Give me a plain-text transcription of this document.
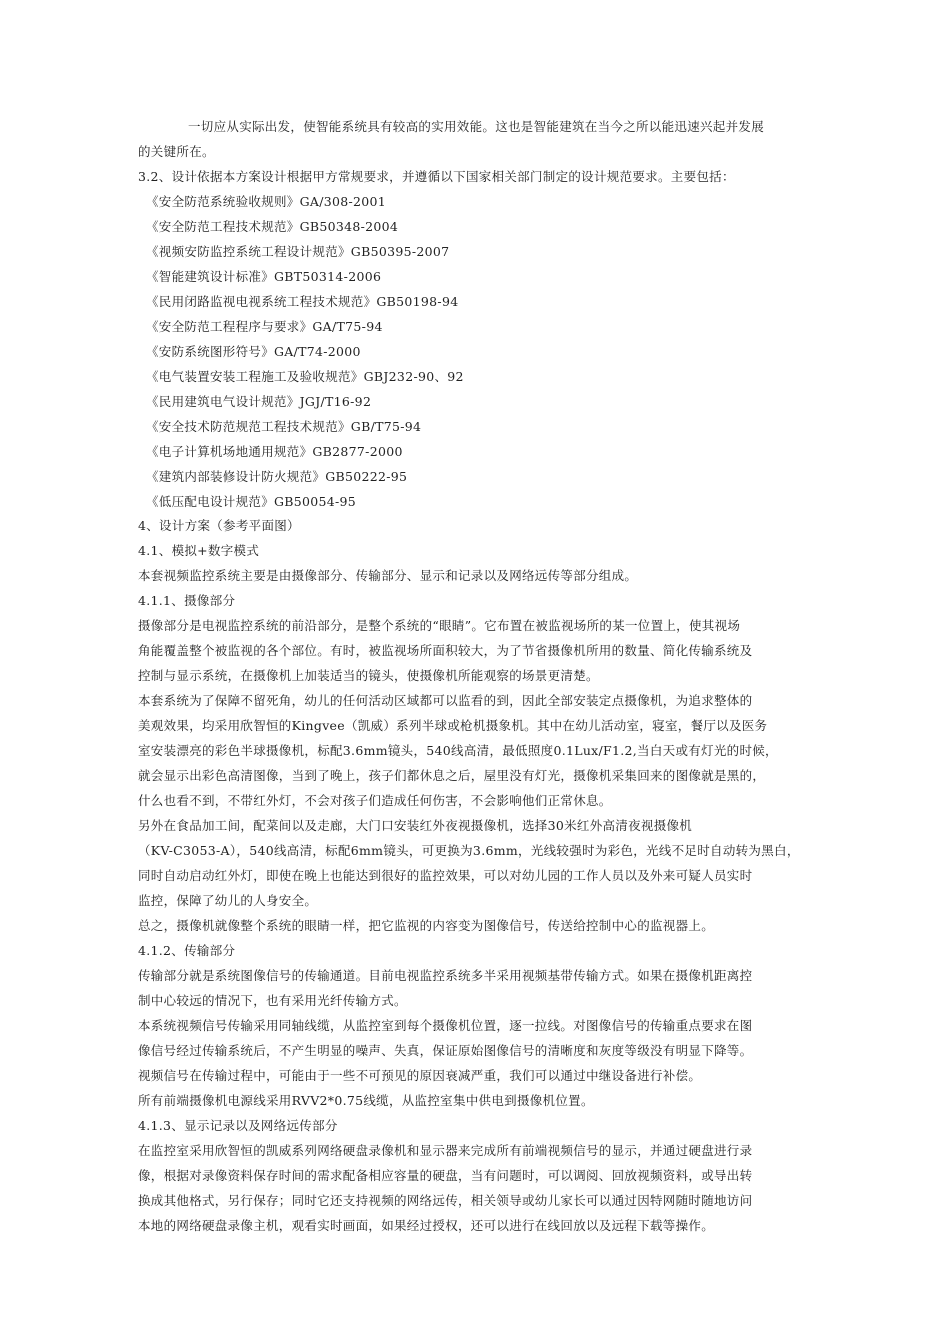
一切应从实际出发，使智能系统具有较高的实用效能。这也是智能建筑在当今之所以能迅速兴起并发展
的关键所在。
3.2、设计依据本方案设计根据甲方常规要求，并遵循以下国家相关部门制定的设计规范要求。主要包括：
《安全防范系统验收规则》GA/308-2001
《安全防范工程技术规范》GB50348-2004
《视频安防监控系统工程设计规范》GB50395-2007
《智能建筑设计标准》GBT50314-2006
《民用闭路监视电视系统工程技术规范》GB50198-94
《安全防范工程程序与要求》GA/T75-94
《安防系统图形符号》GA/T74-2000
《电气装置安装工程施工及验收规范》GBJ232-90、92
《民用建筑电气设计规范》JGJ/T16-92
《安全技术防范规范工程技术规范》GB/T75-94
《电子计算机场地通用规范》GB2877-2000
《建筑内部装修设计防火规范》GB50222-95
《低压配电设计规范》GB50054-95
4、设计方案（参考平面图）
4.1、模拟+数字模式
本套视频监控系统主要是由摄像部分、传输部分、显示和记录以及网络远传等部分组成。
4.1.1、摄像部分
摄像部分是电视监控系统的前沿部分，是整个系统的“眼睛”。它布置在被监视场所的某一位置上，使其视场
角能覆盖整个被监视的各个部位。有时，被监视场所面积较大，为了节省摄像机所用的数量、简化传输系统及
控制与显示系统，在摄像机上加装适当的镜头，使摄像机所能观察的场景更清楚。
本套系统为了保障不留死角，幼儿的任何活动区域都可以监看的到，因此全部安装定点摄像机，为追求整体的
美观效果，均采用欣智恒的Kingvee（凯威）系列半球或枪机摄象机。其中在幼儿活动室，寝室，餐厅以及医务
室安装漂亮的彩色半球摄像机，标配3.6mm镜头，540线高清，最低照度0.1Lux/F1.2,当白天或有灯光的时候，
就会显示出彩色高清图像，当到了晚上，孩子们都休息之后，屋里没有灯光，摄像机采集回来的图像就是黑的，
什么也看不到，不带红外灯，不会对孩子们造成任何伤害，不会影响他们正常休息。
另外在食品加工间，配菜间以及走廊，大门口安装红外夜视摄像机，选择30米红外高清夜视摄像机
（KV-C3053-A），540线高清，标配6mm镜头，可更换为3.6mm，光线较强时为彩色，光线不足时自动转为黑白，
同时自动启动红外灯，即使在晚上也能达到很好的监控效果，可以对幼儿园的工作人员以及外来可疑人员实时
监控，保障了幼儿的人身安全。
总之，摄像机就像整个系统的眼睛一样，把它监视的内容变为图像信号，传送给控制中心的监视器上。
4.1.2、传输部分
传输部分就是系统图像信号的传输通道。目前电视监控系统多半采用视频基带传输方式。如果在摄像机距离控
制中心较远的情况下，也有采用光纤传输方式。
本系统视频信号传输采用同轴线缆，从监控室到每个摄像机位置，逐一拉线。对图像信号的传输重点要求在图
像信号经过传输系统后，不产生明显的噪声、失真，保证原始图像信号的清晰度和灰度等级没有明显下降等。
视频信号在传输过程中，可能由于一些不可预见的原因衰减严重，我们可以通过中继设备进行补偿。
所有前端摄像机电源线采用RVV2*0.75线缆，从监控室集中供电到摄像机位置。
4.1.3、显示记录以及网络远传部分
在监控室采用欣智恒的凯威系列网络硬盘录像机和显示器来完成所有前端视频信号的显示，并通过硬盘进行录
像，根据对录像资料保存时间的需求配备相应容量的硬盘，当有问题时，可以调阅、回放视频资料，或导出转
换成其他格式，另行保存；同时它还支持视频的网络远传，相关领导或幼儿家长可以通过因特网随时随地访问
本地的网络硬盘录像主机，观看实时画面，如果经过授权，还可以进行在线回放以及远程下载等操作。
